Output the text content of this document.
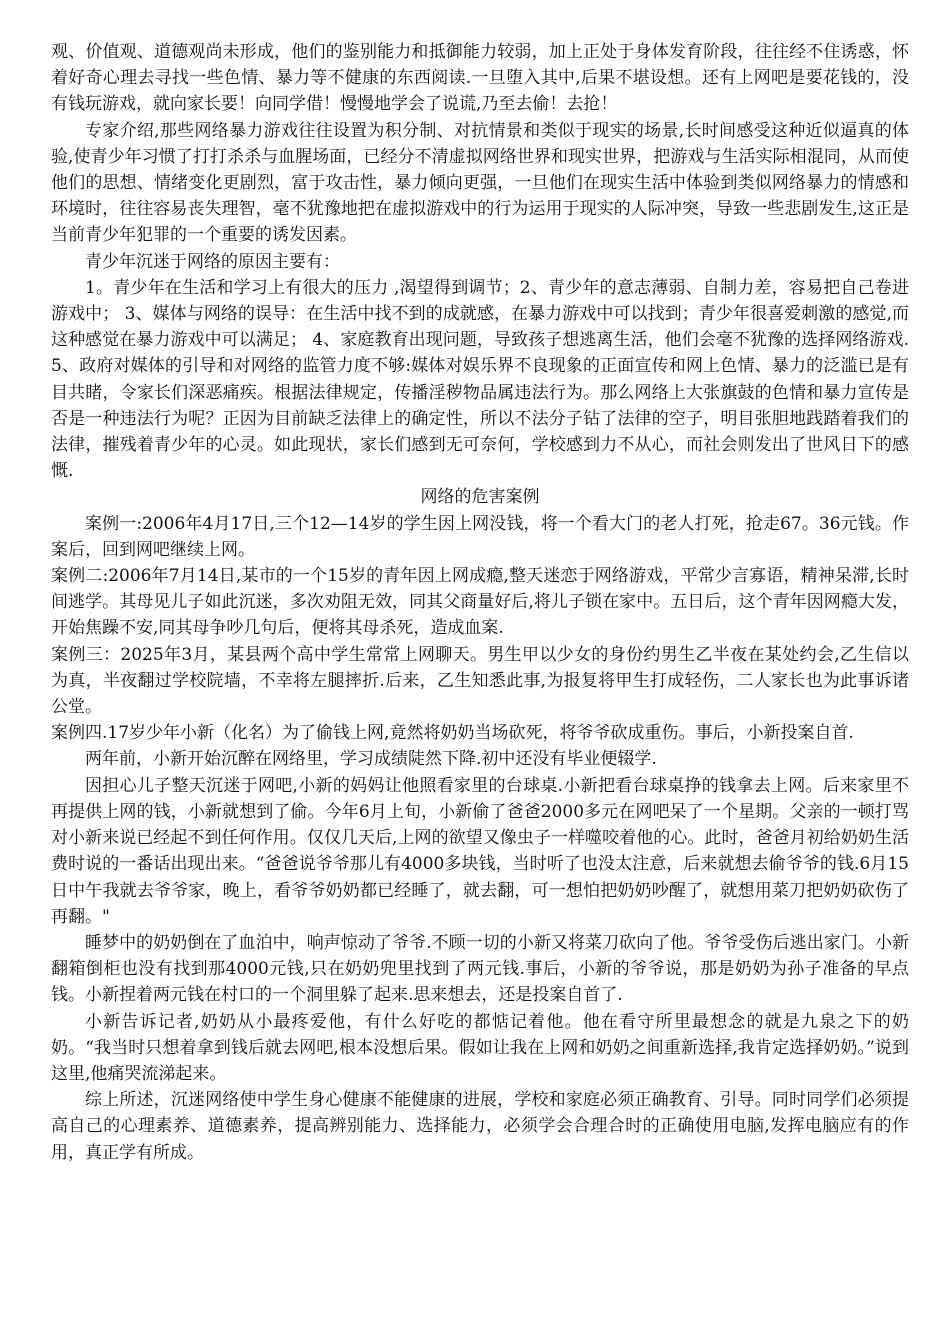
观、价值观、道德观尚未形成，他们的鉴别能力和抵御能力较弱，加上正处于身体发育阶段，往往经不住诱惑，怀着好奇心理去寻找一些色情、暴力等不健康的东西阅读.一旦堕入其中,后果不堪设想。还有上网吧是要花钱的，没有钱玩游戏，就向家长要！向同学借！慢慢地学会了说谎,乃至去偷！去抢！

专家介绍,那些网络暴力游戏往往设置为积分制、对抗情景和类似于现实的场景,长时间感受这种近似逼真的体验,使青少年习惯了打打杀杀与血腥场面，已经分不清虚拟网络世界和现实世界，把游戏与生活实际相混同，从而使他们的思想、情绪变化更剧烈，富于攻击性，暴力倾向更强，一旦他们在现实生活中体验到类似网络暴力的情感和环境时，往往容易丧失理智，毫不犹豫地把在虚拟游戏中的行为运用于现实的人际冲突，导致一些悲剧发生,这正是当前青少年犯罪的一个重要的诱发因素。

青少年沉迷于网络的原因主要有：

1。青少年在生活和学习上有很大的压力 ,渴望得到调节；2、青少年的意志薄弱、自制力差，容易把自己卷进游戏中； 3、媒体与网络的误导：在生活中找不到的成就感，在暴力游戏中可以找到；青少年很喜爱刺激的感觉,而这种感觉在暴力游戏中可以满足； 4、家庭教育出现问题，导致孩子想逃离生活，他们会毫不犹豫的选择网络游戏. 5、政府对媒体的引导和对网络的监管力度不够:媒体对娱乐界不良现象的正面宣传和网上色情、暴力的泛滥已是有目共睹，令家长们深恶痛疾。根据法律规定，传播淫秽物品属违法行为。那么网络上大张旗鼓的色情和暴力宣传是否是一种违法行为呢？正因为目前缺乏法律上的确定性，所以不法分子钻了法律的空子，明目张胆地践踏着我们的法律，摧残着青少年的心灵。如此现状，家长们感到无可奈何，学校感到力不从心，而社会则发出了世风日下的感慨.

网络的危害案例

案例一:2006年4月17日,三个12—14岁的学生因上网没钱，将一个看大门的老人打死，抢走67。36元钱。作案后，回到网吧继续上网。

案例二:2006年7月14日,某市的一个15岁的青年因上网成瘾,整天迷恋于网络游戏，平常少言寡语，精神呆滞,长时间逃学。其母见儿子如此沉迷，多次劝阻无效，同其父商量好后,将儿子锁在家中。五日后，这个青年因网瘾大发，开始焦躁不安,同其母争吵几句后，便将其母杀死，造成血案.

案例三：2025年3月，某县两个高中学生常常上网聊天。男生甲以少女的身份约男生乙半夜在某处约会,乙生信以为真，半夜翻过学校院墙，不幸将左腿摔折.后来，乙生知悉此事,为报复将甲生打成轻伤，二人家长也为此事诉诸公堂。

案例四.17岁少年小新（化名）为了偷钱上网,竟然将奶奶当场砍死，将爷爷砍成重伤。事后，小新投案自首.

两年前，小新开始沉醉在网络里，学习成绩陡然下降.初中还没有毕业便辍学.

因担心儿子整天沉迷于网吧,小新的妈妈让他照看家里的台球桌.小新把看台球桌挣的钱拿去上网。后来家里不再提供上网的钱，小新就想到了偷。今年6月上旬，小新偷了爸爸2000多元在网吧呆了一个星期。父亲的一顿打骂对小新来说已经起不到任何作用。仅仅几天后,上网的欲望又像虫子一样噬咬着他的心。此时，爸爸月初给奶奶生活费时说的一番话出现出来。“爸爸说爷爷那儿有4000多块钱，当时听了也没太注意，后来就想去偷爷爷的钱.6月15日中午我就去爷爷家，晚上，看爷爷奶奶都已经睡了，就去翻，可一想怕把奶奶吵醒了，就想用菜刀把奶奶砍伤了再翻。"

睡梦中的奶奶倒在了血泊中，响声惊动了爷爷.不顾一切的小新又将菜刀砍向了他。爷爷受伤后逃出家门。小新翻箱倒柜也没有找到那4000元钱,只在奶奶兜里找到了两元钱.事后，小新的爷爷说，那是奶奶为孙子准备的早点钱。小新捏着两元钱在村口的一个洞里躲了起来.思来想去，还是投案自首了.

小新告诉记者,奶奶从小最疼爱他，有什么好吃的都惦记着他。他在看守所里最想念的就是九泉之下的奶奶。“我当时只想着拿到钱后就去网吧,根本没想后果。假如让我在上网和奶奶之间重新选择,我肯定选择奶奶。”说到这里,他痛哭流涕起来。

综上所述，沉迷网络使中学生身心健康不能健康的进展，学校和家庭必须正确教育、引导。同时同学们必须提高自己的心理素养、道德素养，提高辨别能力、选择能力，必须学会合理合时的正确使用电脑,发挥电脑应有的作用，真正学有所成。
